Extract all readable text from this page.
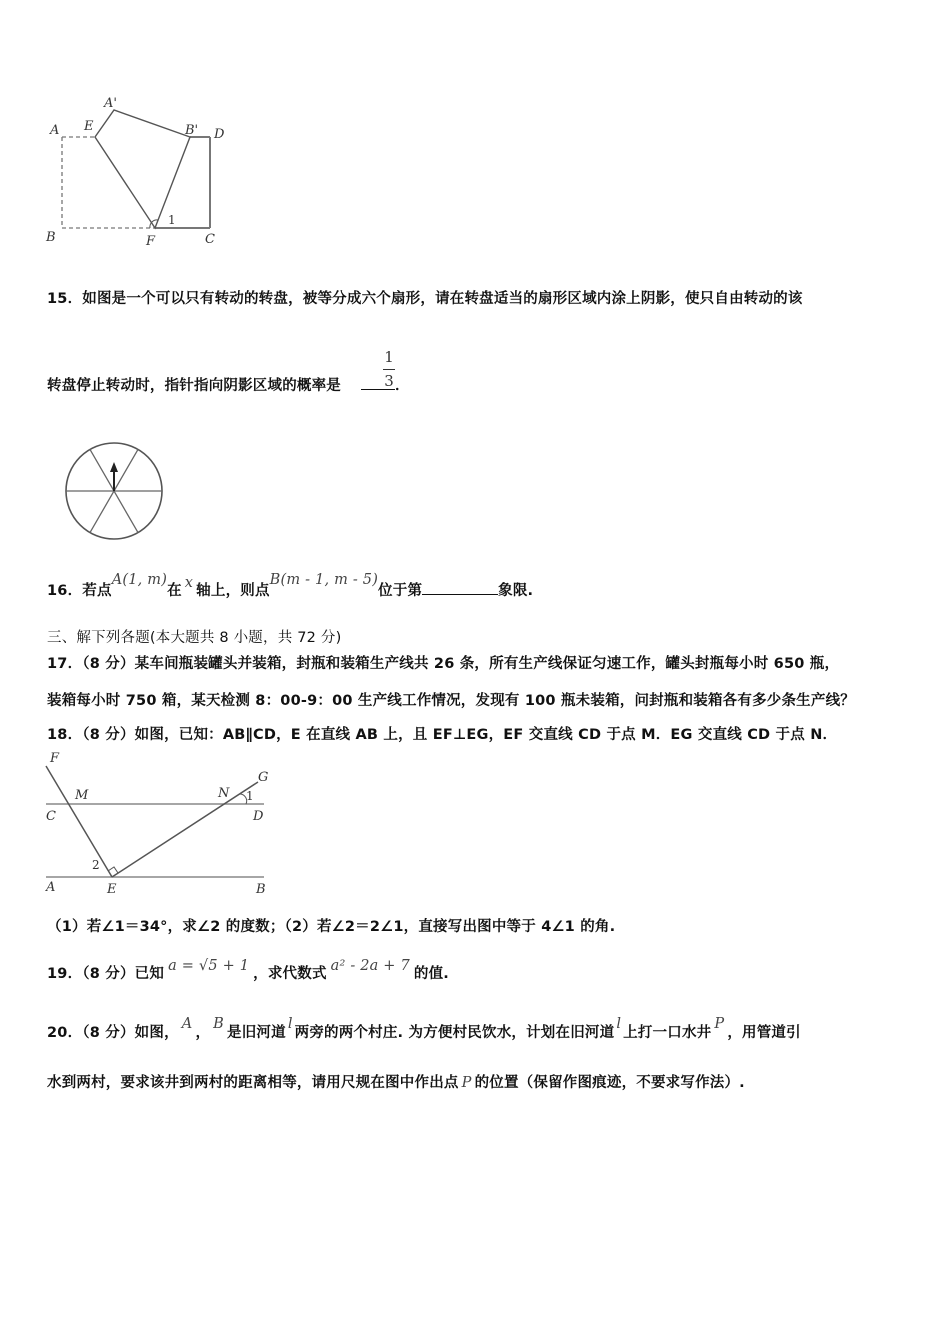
A'
A E	B' D
B	F	C
1
15．如图是一个可以只有转动的转盘，被等分成六个扇形，请在转盘适当的扇形区域内涂上阴影，使只自由转动的该
转盘停止转动时，指针指向阴影区域的概率是	．
1
3
16．若点A(1, m)在 x 轴上，则点B(m - 1, m - 5)位于第	象限.
三、解下列各题(本大题共 8 小题，共 72 分)
17．（8 分）某车间瓶装罐头并装箱，封瓶和装箱生产线共 26 条，所有生产线保证匀速工作，罐头封瓶每小时 650 瓶，
装箱每小时 750 箱，某天检测 8：00-9：00 生产线工作情况，发现有 100 瓶未装箱，问封瓶和装箱各有多少条生产线？
18．（8 分）如图，已知：AB∥CD，E 在直线 AB 上，且 EF⊥EG，EF 交直线 CD 于点 M．EG 交直线 CD 于点 N．
F
G
M	N 1
C	D
2
A	E	B
（1）若∠1＝34°，求∠2 的度数；（2）若∠2＝2∠1，直接写出图中等于 4∠1 的角.
19．（8 分）已知 a = √5 + 1 ，求代数式 a² - 2a + 7 的值.
20．（8 分）如图，A，B是旧河道l两旁的两个村庄. 为方便村民饮水，计划在旧河道l上打一口水井P，用管道引
水到两村，要求该井到两村的距离相等，请用尺规在图中作出点 P 的位置（保留作图痕迹，不要求写作法）.
